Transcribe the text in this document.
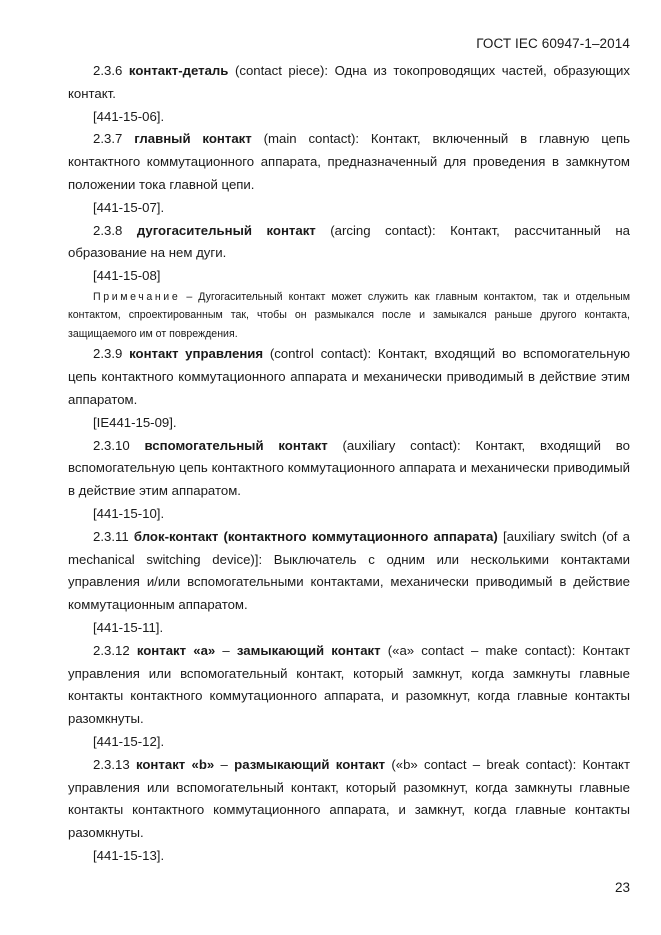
ГОСТ IEC 60947-1–2014

2.3.6 контакт-деталь (contact piece): Одна из токопроводящих частей, образующих контакт.

[441-15-06].

2.3.7 главный контакт (main contact): Контакт, включенный в главную цепь контактного коммутационного аппарата, предназначенный для проведения в замкнутом положении тока главной цепи.

[441-15-07].

2.3.8 дугогасительный контакт (arcing contact): Контакт, рассчитанный на образование на нем дуги.

[441-15-08]

Примечание – Дугогасительный контакт может служить как главным контактом, так и отдельным контактом, спроектированным так, чтобы он размыкался после и замыкался раньше другого контакта, защищаемого им от повреждения.

2.3.9 контакт управления (control contact): Контакт, входящий во вспомогательную цепь контактного коммутационного аппарата и механически приводимый в действие этим аппаратом.

[IE441-15-09].

2.3.10 вспомогательный контакт (auxiliary contact): Контакт, входящий во вспомогательную цепь контактного коммутационного аппарата и механически приводимый в действие этим аппаратом.

[441-15-10].

2.3.11 блок-контакт (контактного коммутационного аппарата) [auxiliary switch (of a mechanical switching device)]: Выключатель с одним или несколькими контактами управления и/или вспомогательными контактами, механически приводимый в действие коммутационным аппаратом.

[441-15-11].

2.3.12 контакт «а» – замыкающий контакт («а» contact – make contact): Контакт управления или вспомогательный контакт, который замкнут, когда замкнуты главные контакты контактного коммутационного аппарата, и разомкнут, когда главные контакты разомкнуты.

[441-15-12].

2.3.13 контакт «b» – размыкающий контакт («b» contact – break contact): Контакт управления или вспомогательный контакт, который разомкнут, когда замкнуты главные контакты контактного коммутационного аппарата, и замкнут, когда главные контакты разомкнуты.

[441-15-13].

23
